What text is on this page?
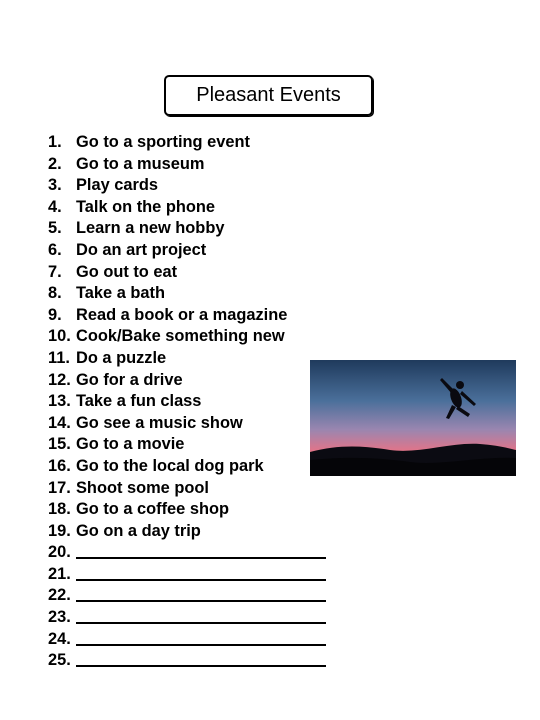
Pleasant Events
1. Go to a sporting event
2. Go to a museum
3. Play cards
4. Talk on the phone
5. Learn a new hobby
6. Do an art project
7. Go out to eat
8. Take a bath
9. Read a book or a magazine
10. Cook/Bake something new
11. Do a puzzle
12. Go for a drive
13. Take a fun class
14. Go see a music show
15. Go to a movie
16. Go to the local dog park
17. Shoot some pool
18. Go to a coffee shop
19. Go on a day trip
20.
21.
22.
23.
24.
25.
